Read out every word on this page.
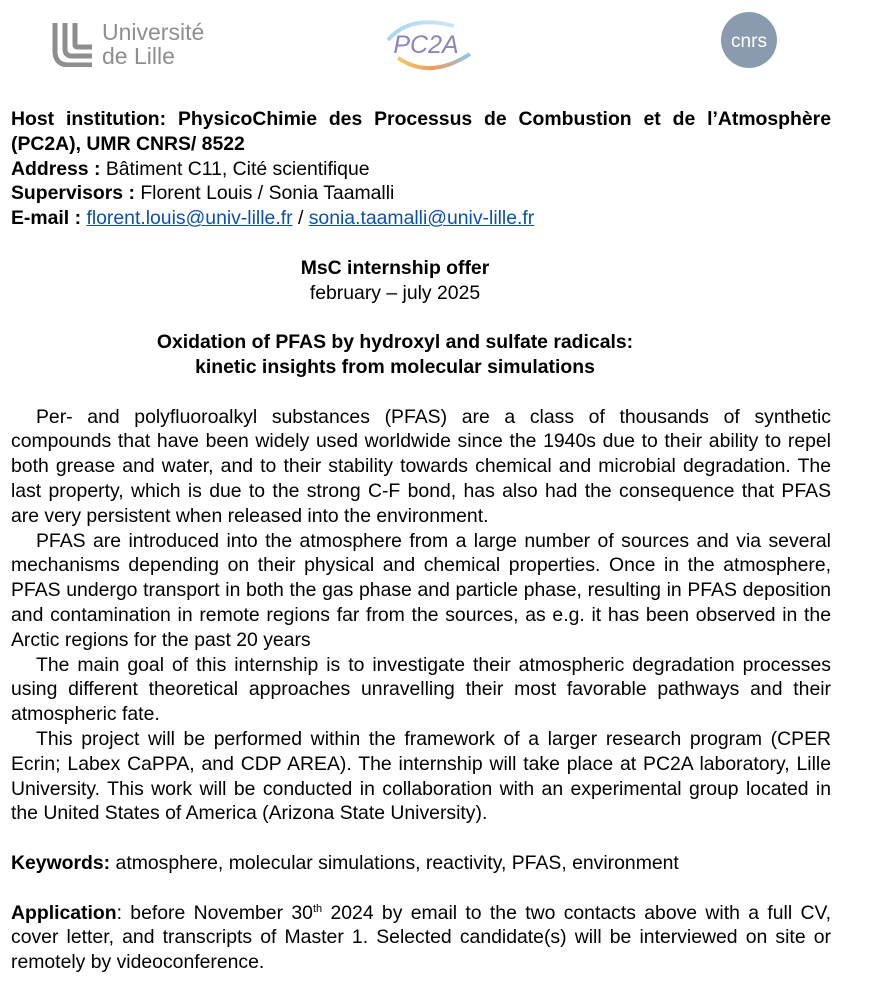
Université
de Lille	PC2A	cnrs
Host institution: PhysicoChimie des Processus de Combustion et de l’Atmosphère (PC2A), UMR CNRS/ 8522
Address : Bâtiment C11, Cité scientifique
Supervisors : Florent Louis / Sonia Taamalli
E-mail : florent.louis@univ-lille.fr / sonia.taamalli@univ-lille.fr
MsC internship offer
february – july 2025
Oxidation of PFAS by hydroxyl and sulfate radicals:
kinetic insights from molecular simulations
Per- and polyfluoroalkyl substances (PFAS) are a class of thousands of synthetic compounds that have been widely used worldwide since the 1940s due to their ability to repel both grease and water, and to their stability towards chemical and microbial degradation. The last property, which is due to the strong C-F bond, has also had the consequence that PFAS are very persistent when released into the environment.
PFAS are introduced into the atmosphere from a large number of sources and via several mechanisms depending on their physical and chemical properties. Once in the atmosphere, PFAS undergo transport in both the gas phase and particle phase, resulting in PFAS deposition and contamination in remote regions far from the sources, as e.g. it has been observed in the Arctic regions for the past 20 years
The main goal of this internship is to investigate their atmospheric degradation processes using different theoretical approaches unravelling their most favorable pathways and their atmospheric fate.
This project will be performed within the framework of a larger research program (CPER Ecrin; Labex CaPPA, and CDP AREA). The internship will take place at PC2A laboratory, Lille University. This work will be conducted in collaboration with an experimental group located in the United States of America (Arizona State University).
Keywords: atmosphere, molecular simulations, reactivity, PFAS, environment
Application: before November 30th 2024 by email to the two contacts above with a full CV, cover letter, and transcripts of Master 1. Selected candidate(s) will be interviewed on site or remotely by videoconference.
